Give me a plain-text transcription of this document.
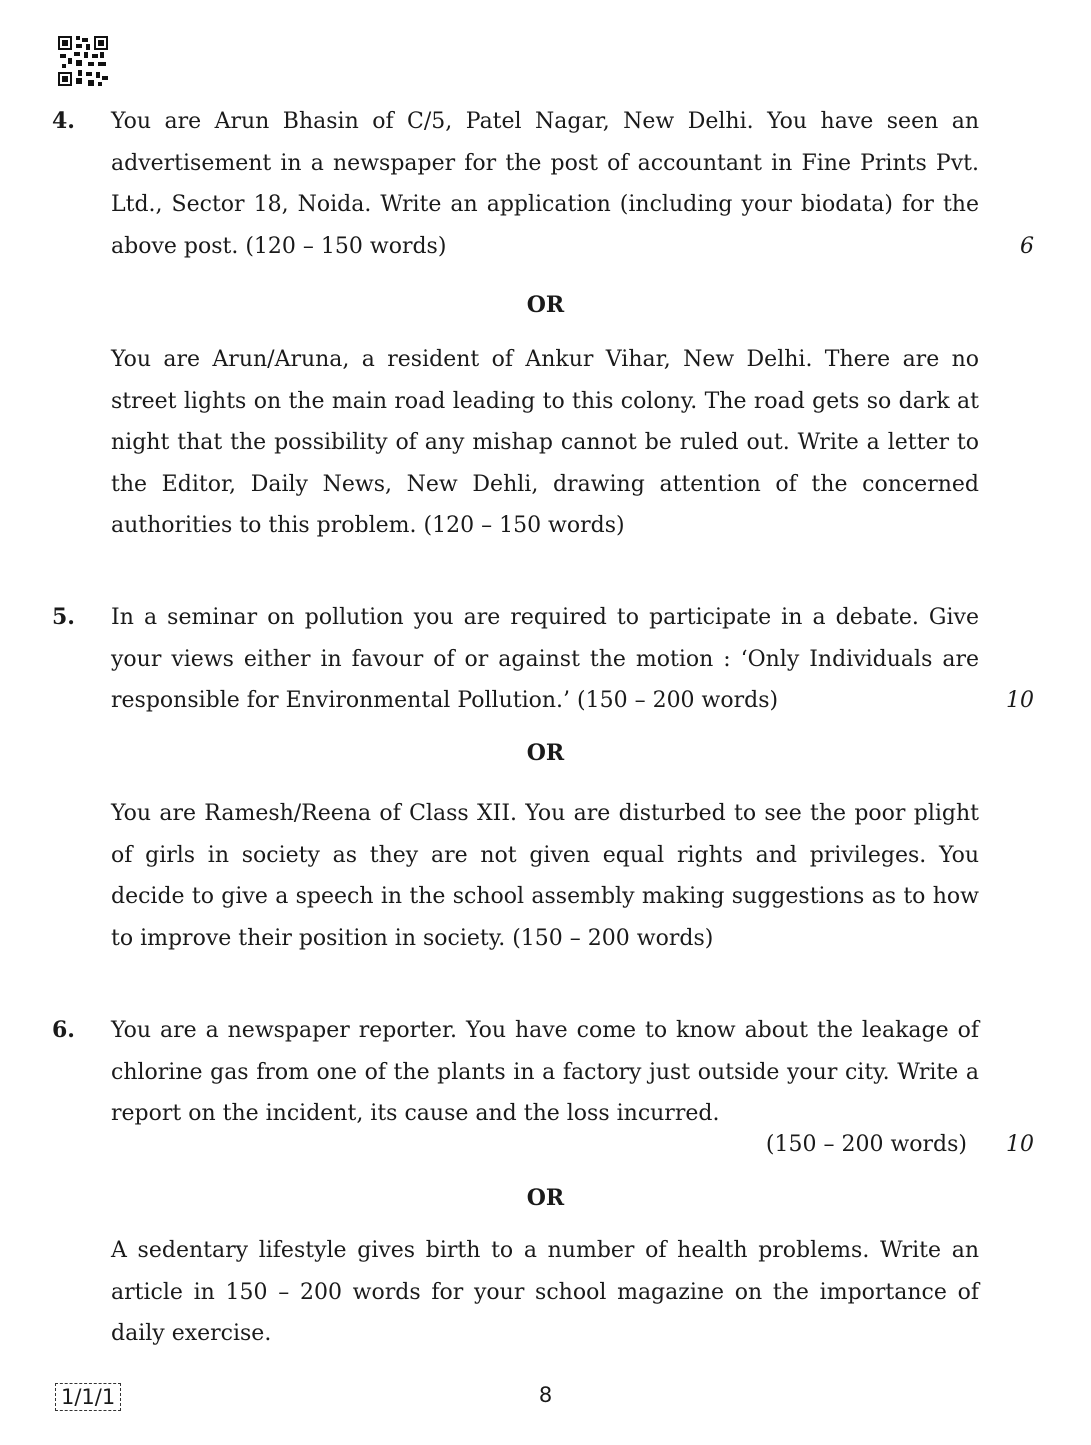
4. You are Arun Bhasin of C/5, Patel Nagar, New Delhi. You have seen an advertisement in a newspaper for the post of accountant in Fine Prints Pvt. Ltd., Sector 18, Noida. Write an application (including your biodata) for the above post. (120 – 150 words)	6
OR

You are Arun/Aruna, a resident of Ankur Vihar, New Delhi. There are no street lights on the main road leading to this colony. The road gets so dark at night that the possibility of any mishap cannot be ruled out. Write a letter to the Editor, Daily News, New Dehli, drawing attention of the concerned authorities to this problem. (120 – 150 words)

5. In a seminar on pollution you are required to participate in a debate. Give your views either in favour of or against the motion : ‘Only Individuals are responsible for Environmental Pollution.’ (150 – 200 words)	10
OR

You are Ramesh/Reena of Class XII. You are disturbed to see the poor plight of girls in society as they are not given equal rights and privileges. You decide to give a speech in the school assembly making suggestions as to how to improve their position in society. (150 – 200 words)

6. You are a newspaper reporter. You have come to know about the leakage of chlorine gas from one of the plants in a factory just outside your city. Write a report on the incident, its cause and the loss incurred.

(150 – 200 words) 10
OR
1/1/1	8

A sedentary lifestyle gives birth to a number of health problems. Write an article in 150 – 200 words for your school magazine on the importance of daily exercise.
